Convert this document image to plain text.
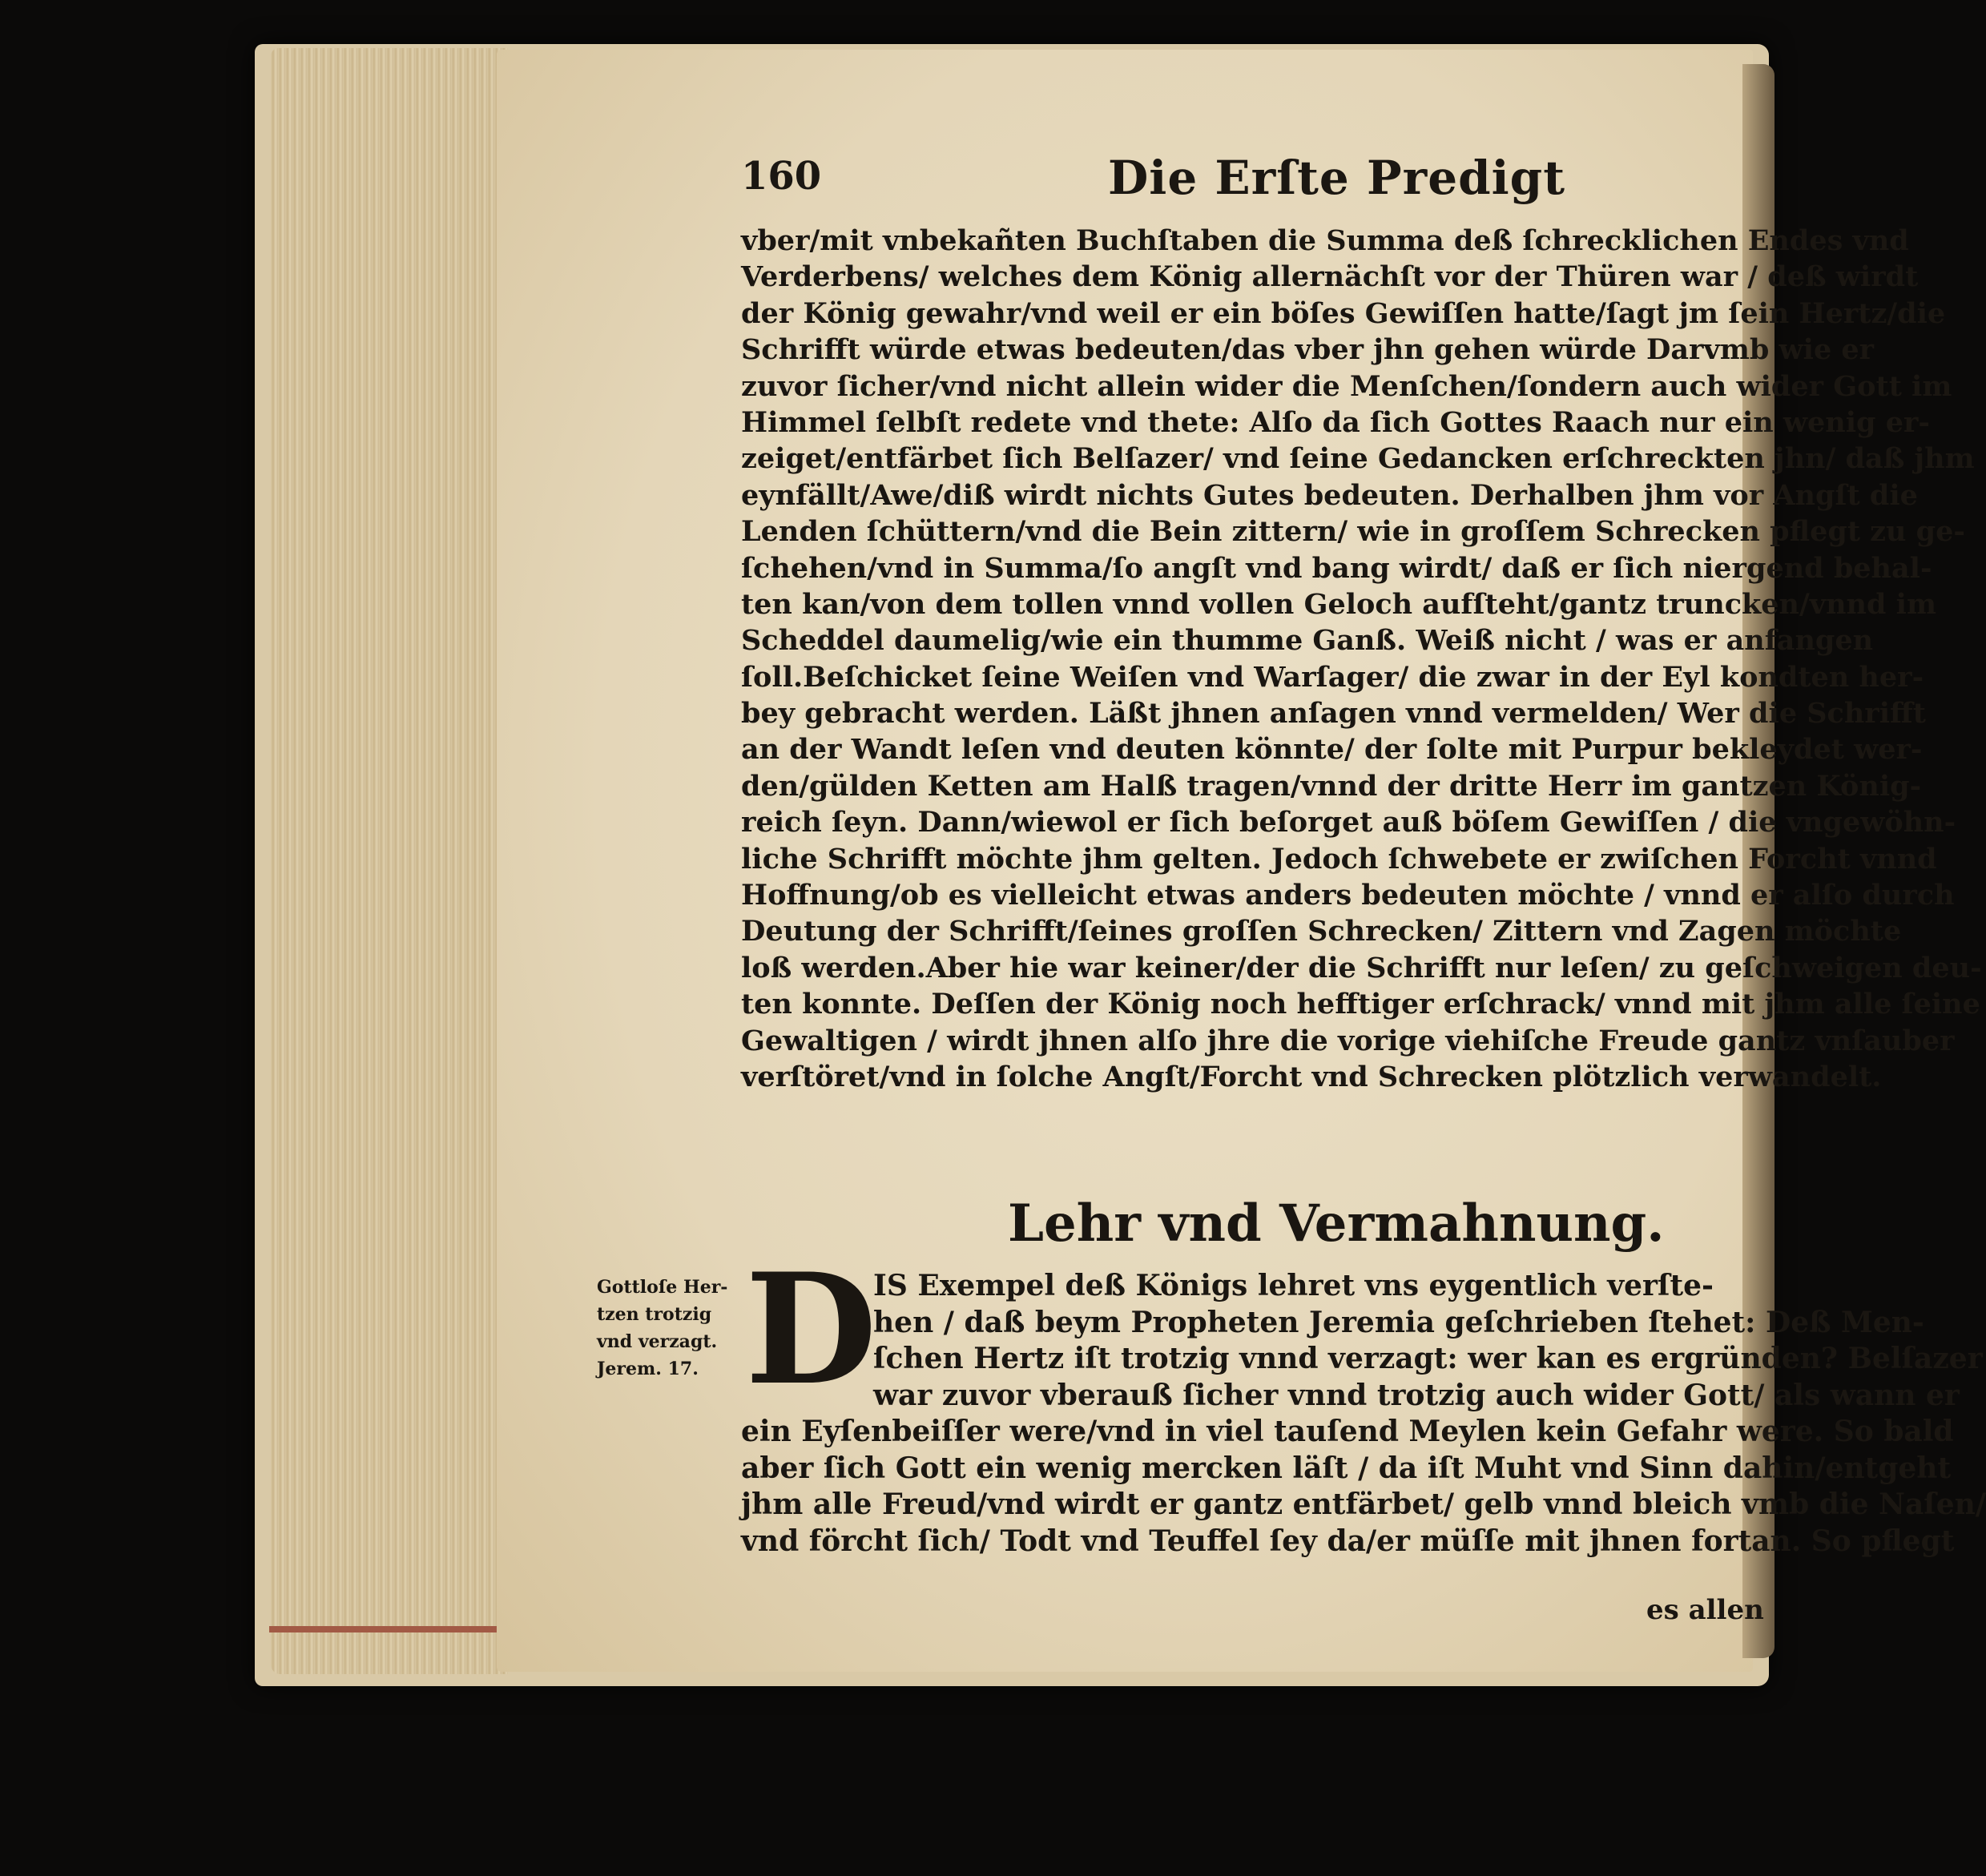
160	Die Erſte Predigt
vber/mit vnbekañten Buchſtaben die Summa deß ſchrecklichen Endes vnd
Verderbens/ welches dem König allernächſt vor der Thüren war / deß wirdt
der König gewahr/vnd weil er ein böſes Gewiſſen hatte/ſagt jm ſein Hertz/die
Schrifft würde etwas bedeuten/das vber jhn gehen würde Darvmb wie er
zuvor ſicher/vnd nicht allein wider die Menſchen/ſondern auch wider Gott im
Himmel ſelbſt redete vnd thete: Alſo da ſich Gottes Raach nur ein wenig er-
zeiget/entfärbet ſich Belſazer/ vnd ſeine Gedancken erſchreckten jhn/ daß jhm
eynfällt/Awe/diß wirdt nichts Gutes bedeuten. Derhalben jhm vor Angſt die
Lenden ſchüttern/vnd die Bein zittern/ wie in groſſem Schrecken pflegt zu ge-
ſchehen/vnd in Summa/ſo angſt vnd bang wirdt/ daß er ſich niergend behal-
ten kan/von dem tollen vnnd vollen Geloch aufſteht/gantz truncken/vnnd im
Scheddel daumelig/wie ein thumme Ganß. Weiß nicht / was er anfangen
ſoll.Beſchicket ſeine Weiſen vnd Warſager/ die zwar in der Eyl kondten her-
bey gebracht werden. Läßt jhnen anſagen vnnd vermelden/ Wer die Schrifft
an der Wandt leſen vnd deuten könnte/ der ſolte mit Purpur bekleydet wer-
den/gülden Ketten am Halß tragen/vnnd der dritte Herr im gantzen König-
reich ſeyn. Dann/wiewol er ſich beſorget auß böſem Gewiſſen / die vngewöhn-
liche Schrifft möchte jhm gelten. Jedoch ſchwebete er zwiſchen Forcht vnnd
Hoffnung/ob es vielleicht etwas anders bedeuten möchte / vnnd er alſo durch
Deutung der Schrifft/ſeines groſſen Schrecken/ Zittern vnd Zagen möchte
loß werden.Aber hie war keiner/der die Schrifft nur leſen/ zu geſchweigen deu-
ten konnte. Deſſen der König noch hefftiger erſchrack/ vnnd mit jhm alle ſeine
Gewaltigen / wirdt jhnen alſo jhre die vorige viehiſche Freude gantz vnſauber
verſtöret/vnd in ſolche Angſt/Forcht vnd Schrecken plötzlich verwandelt.
Lehr vnd Vermahnung.
Gottloſe Her-
tzen trotzig
vnd verzagt.
Jerem. 17. D
IS Exempel deß Königs lehret vns eygentlich verſte-
hen / daß beym Propheten Jeremia geſchrieben ſtehet: Deß Men-
ſchen Hertz iſt trotzig vnnd verzagt: wer kan es ergründen? Belſazer
war zuvor vberauß ſicher vnnd trotzig auch wider Gott/ als wann er
ein Eyſenbeiſſer were/vnd in viel tauſend Meylen kein Gefahr were. So bald
aber ſich Gott ein wenig mercken läſt / da iſt Muht vnd Sinn dahin/entgeht
jhm alle Freud/vnd wirdt er gantz entfärbet/ gelb vnnd bleich vmb die Naſen/
vnd förcht ſich/ Todt vnd Teuffel ſey da/er müſſe mit jhnen fortan. So pflegt
es allen
